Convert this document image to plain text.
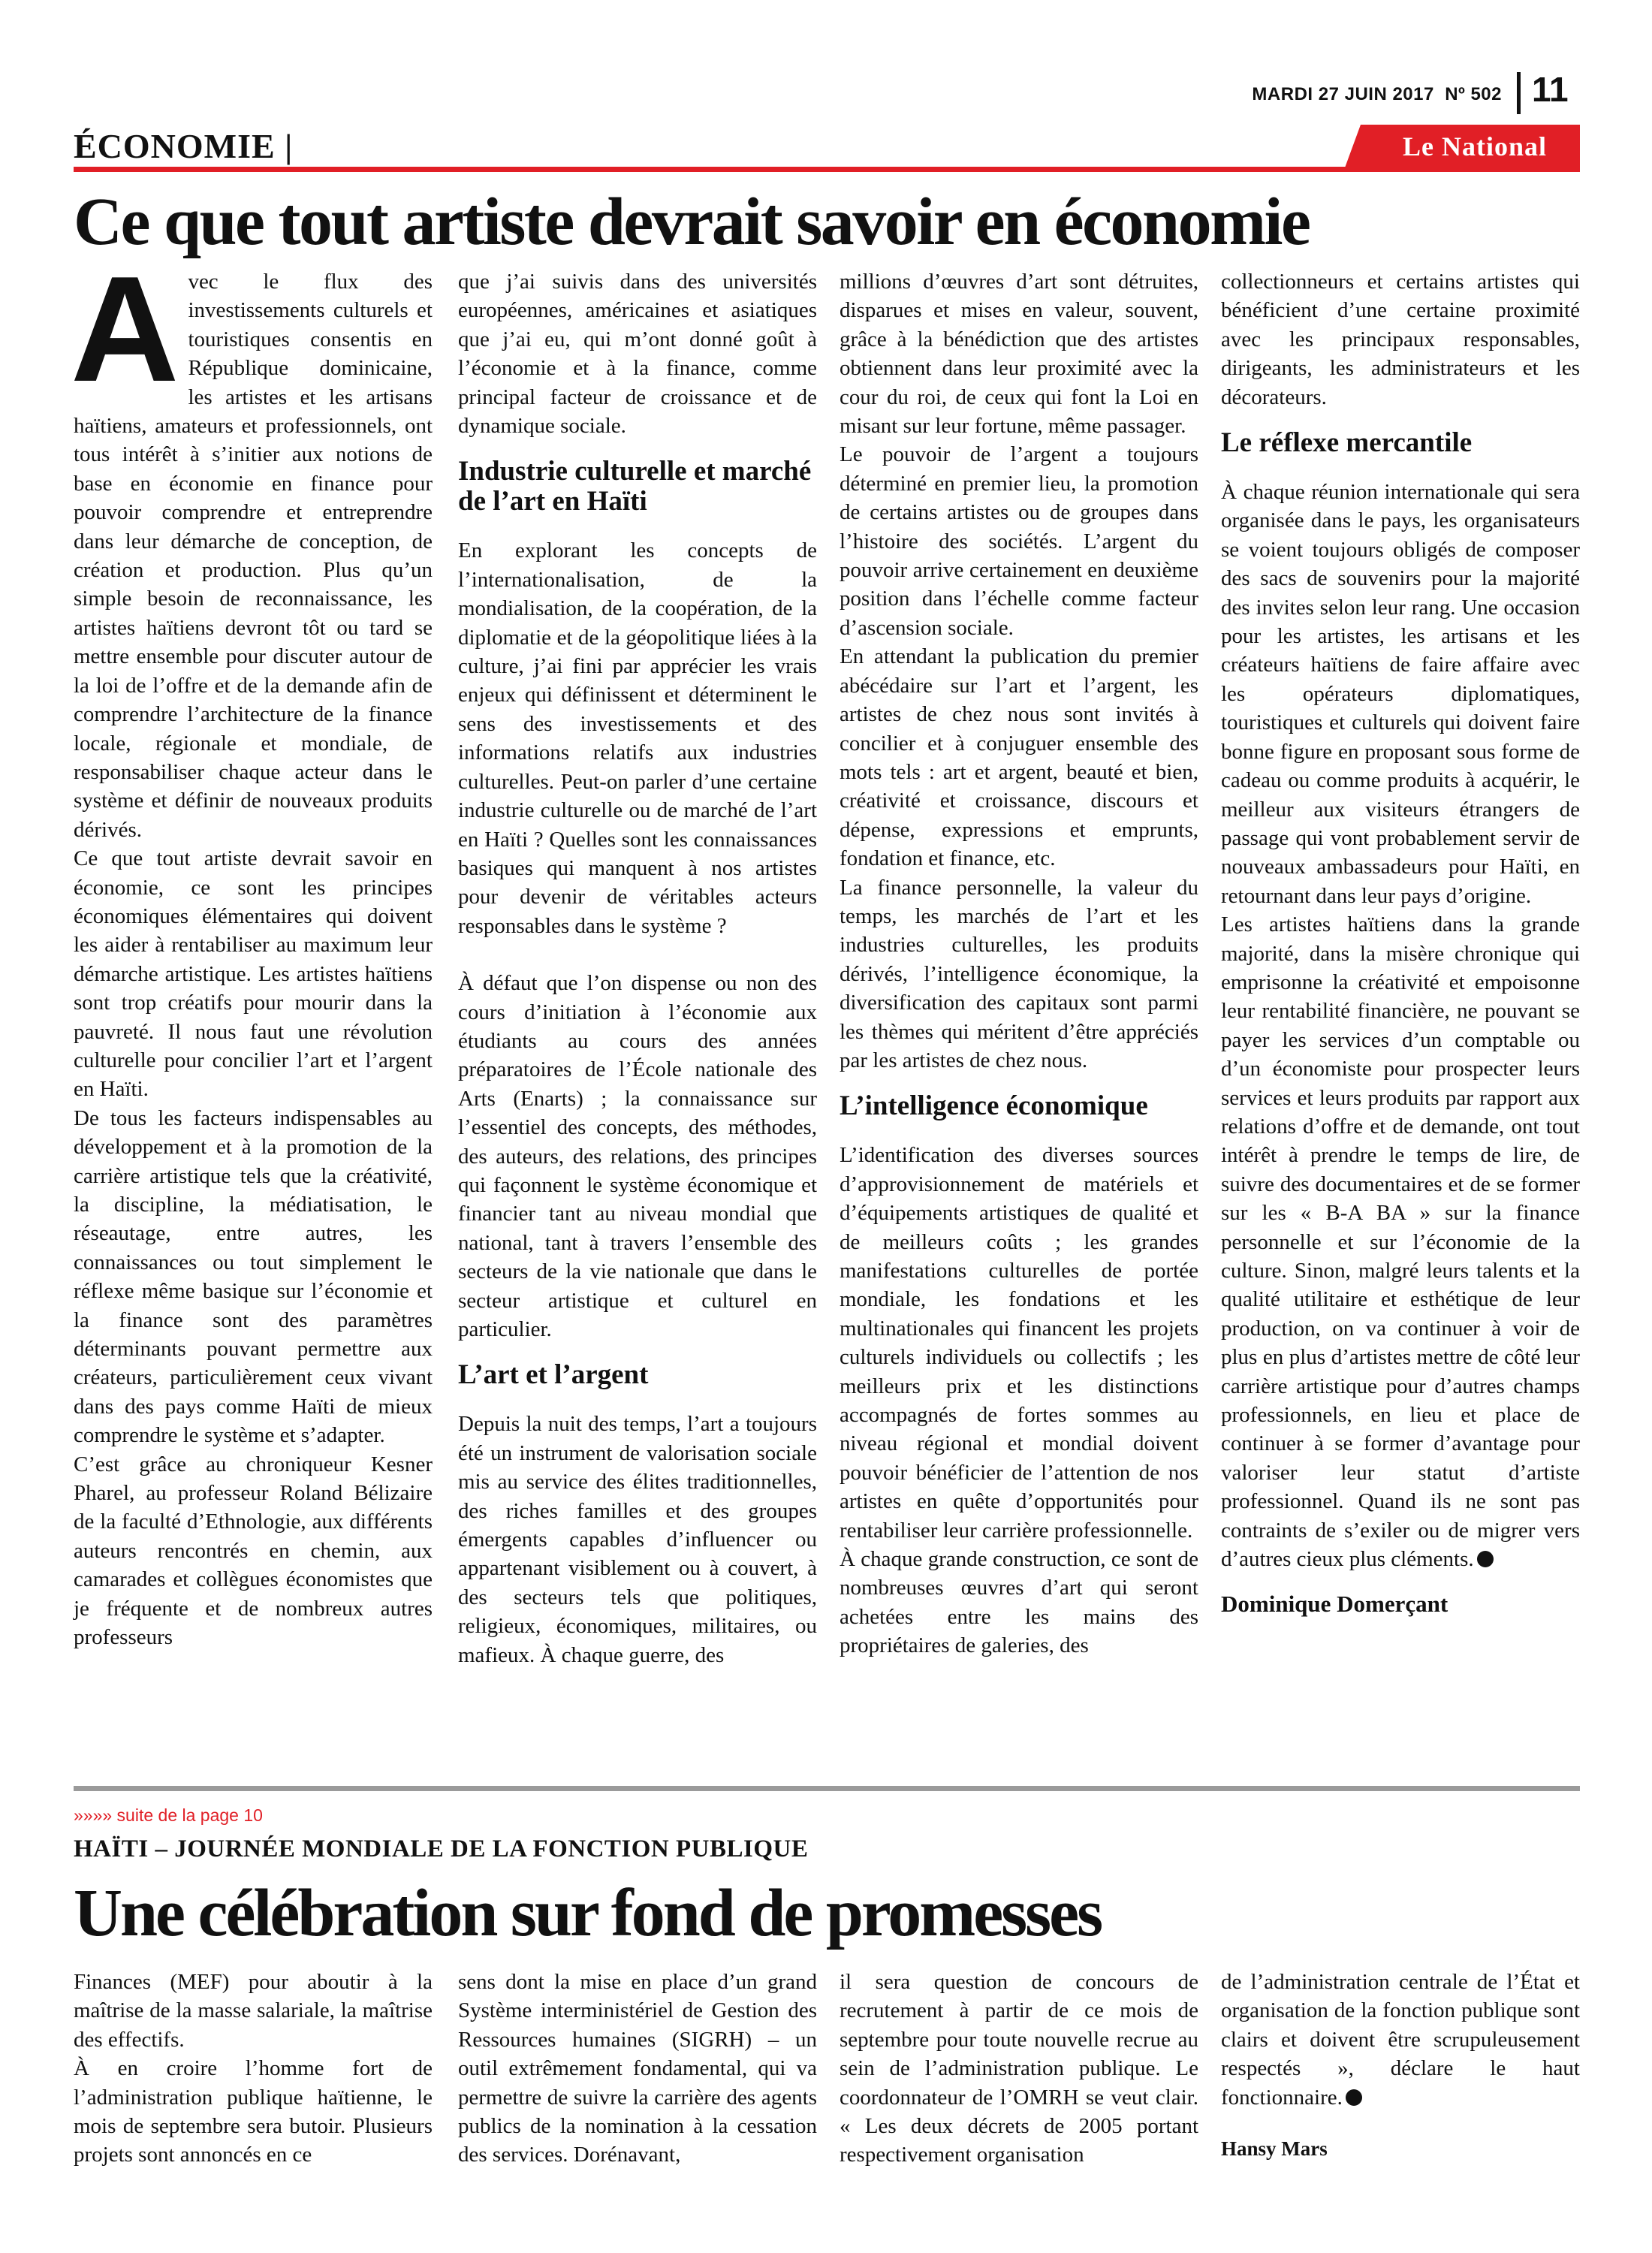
MARDI 27 JUIN 2017 Nº 502 11
ÉCONOMIE |	Le National
Ce que tout artiste devrait savoir en économie

Avec le flux des investissements culturels et touristiques consentis en République dominicaine, les artistes et les artisans haïtiens, amateurs et professionnels, ont tous intérêt à s’initier aux notions de base en économie en finance pour pouvoir comprendre et entreprendre dans leur démarche de conception, de création et production. Plus qu’un simple besoin de reconnaissance, les artistes haïtiens devront tôt ou tard se mettre ensemble pour discuter autour de la loi de l’offre et de la demande afin de comprendre l’architecture de la finance locale, régionale et mondiale, de responsabiliser chaque acteur dans le système et définir de nouveaux produits dérivés.

Ce que tout artiste devrait savoir en économie, ce sont les principes économiques élémentaires qui doivent les aider à rentabiliser au maximum leur démarche artistique. Les artistes haïtiens sont trop créatifs pour mourir dans la pauvreté. Il nous faut une révolution culturelle pour concilier l’art et l’argent en Haïti.

De tous les facteurs indispensables au développement et à la promotion de la carrière artistique tels que la créativité, la discipline, la médiatisation, le réseautage, entre autres, les connaissances ou tout simplement le réflexe même basique sur l’économie et la finance sont des paramètres déterminants pouvant permettre aux créateurs, particulièrement ceux vivant dans des pays comme Haïti de mieux comprendre le système et s’adapter.

C’est grâce au chroniqueur Kesner Pharel, au professeur Roland Bélizaire de la faculté d’Ethnologie, aux différents auteurs rencontrés en chemin, aux camarades et collègues économistes que je fréquente et de nombreux autres professeurs

que j’ai suivis dans des universités européennes, américaines et asiatiques que j’ai eu, qui m’ont donné goût à l’économie et à la finance, comme principal facteur de croissance et de dynamique sociale.

Industrie culturelle et marché de l’art en Haïti

En explorant les concepts de l’internationalisation, de la mondialisation, de la coopération, de la diplomatie et de la géopolitique liées à la culture, j’ai fini par apprécier les vrais enjeux qui définissent et déterminent le sens des investissements et des informations relatifs aux industries culturelles. Peut-on parler d’une certaine industrie culturelle ou de marché de l’art en Haïti ? Quelles sont les connaissances basiques qui manquent à nos artistes pour devenir de véritables acteurs responsables dans le système ?

À défaut que l’on dispense ou non des cours d’initiation à l’économie aux étudiants au cours des années préparatoires de l’École nationale des Arts (Enarts) ; la connaissance sur l’essentiel des concepts, des méthodes, des auteurs, des relations, des principes qui façonnent le système économique et financier tant au niveau mondial que national, tant à travers l’ensemble des secteurs de la vie nationale que dans le secteur artistique et culturel en particulier.

L’art et l’argent

Depuis la nuit des temps, l’art a toujours été un instrument de valorisation sociale mis au service des élites traditionnelles, des riches familles et des groupes émergents capables d’influencer ou appartenant visiblement ou à couvert, à des secteurs tels que politiques, religieux, économiques, militaires, ou mafieux. À chaque guerre, des

millions d’œuvres d’art sont détruites, disparues et mises en valeur, souvent, grâce à la bénédiction que des artistes obtiennent dans leur proximité avec la cour du roi, de ceux qui font la Loi en misant sur leur fortune, même passager.

Le pouvoir de l’argent a toujours déterminé en premier lieu, la promotion de certains artistes ou de groupes dans l’histoire des sociétés. L’argent du pouvoir arrive certainement en deuxième position dans l’échelle comme facteur d’ascension sociale.

En attendant la publication du premier abécédaire sur l’art et l’argent, les artistes de chez nous sont invités à concilier et à conjuguer ensemble des mots tels : art et argent, beauté et bien, créativité et croissance, discours et dépense, expressions et emprunts, fondation et finance, etc.

La finance personnelle, la valeur du temps, les marchés de l’art et les industries culturelles, les produits dérivés, l’intelligence économique, la diversification des capitaux sont parmi les thèmes qui méritent d’être appréciés par les artistes de chez nous.

L’intelligence économique

L’identification des diverses sources d’approvisionnement de matériels et d’équipements artistiques de qualité et de meilleurs coûts ; les grandes manifestations culturelles de portée mondiale, les fondations et les multinationales qui financent les projets culturels individuels ou collectifs ; les meilleurs prix et les distinctions accompagnés de fortes sommes au niveau régional et mondial doivent pouvoir bénéficier de l’attention de nos artistes en quête d’opportunités pour rentabiliser leur carrière professionnelle.

À chaque grande construction, ce sont de nombreuses œuvres d’art qui seront achetées entre les mains des propriétaires de galeries, des

collectionneurs et certains artistes qui bénéficient d’une certaine proximité avec les principaux responsables, dirigeants, les administrateurs et les décorateurs.

Le réflexe mercantile

À chaque réunion internationale qui sera organisée dans le pays, les organisateurs se voient toujours obligés de composer des sacs de souvenirs pour la majorité des invites selon leur rang. Une occasion pour les artistes, les artisans et les créateurs haïtiens de faire affaire avec les opérateurs diplomatiques, touristiques et culturels qui doivent faire bonne figure en proposant sous forme de cadeau ou comme produits à acquérir, le meilleur aux visiteurs étrangers de passage qui vont probablement servir de nouveaux ambassadeurs pour Haïti, en retournant dans leur pays d’origine.

Les artistes haïtiens dans la grande majorité, dans la misère chronique qui emprisonne la créativité et empoisonne leur rentabilité financière, ne pouvant se payer les services d’un comptable ou d’un économiste pour prospecter leurs services et leurs produits par rapport aux relations d’offre et de demande, ont tout intérêt à prendre le temps de lire, de suivre des documentaires et de se former sur les « B-A BA » sur la finance personnelle et sur l’économie de la culture. Sinon, malgré leurs talents et la qualité utilitaire et esthétique de leur production, on va continuer à voir de plus en plus d’artistes mettre de côté leur carrière artistique pour d’autres champs professionnels, en lieu et place de continuer à se former d’avantage pour valoriser leur statut d’artiste professionnel. Quand ils ne sont pas contraints de s’exiler ou de migrer vers d’autres cieux plus cléments.

Dominique Domerçant
»»»» suite de la page 10
HAÏTI – JOURNÉE MONDIALE DE LA FONCTION PUBLIQUE
Une célébration sur fond de promesses

Finances (MEF) pour aboutir à la maîtrise de la masse salariale, la maîtrise des effectifs.

À en croire l’homme fort de l’administration publique haïtienne, le mois de septembre sera butoir. Plusieurs projets sont annoncés en ce

sens dont la mise en place d’un grand Système interministériel de Gestion des Ressources humaines (SIGRH) – un outil extrêmement fondamental, qui va permettre de suivre la carrière des agents publics de la nomination à la cessation des services. Dorénavant,

il sera question de concours de recrutement à partir de ce mois de septembre pour toute nouvelle recrue au sein de l’administration publique. Le coordonnateur de l’OMRH se veut clair. « Les deux décrets de 2005 portant respectivement organisation

de l’administration centrale de l’État et organisation de la fonction publique sont clairs et doivent être scrupuleusement respectés », déclare le haut fonctionnaire.

Hansy Mars
